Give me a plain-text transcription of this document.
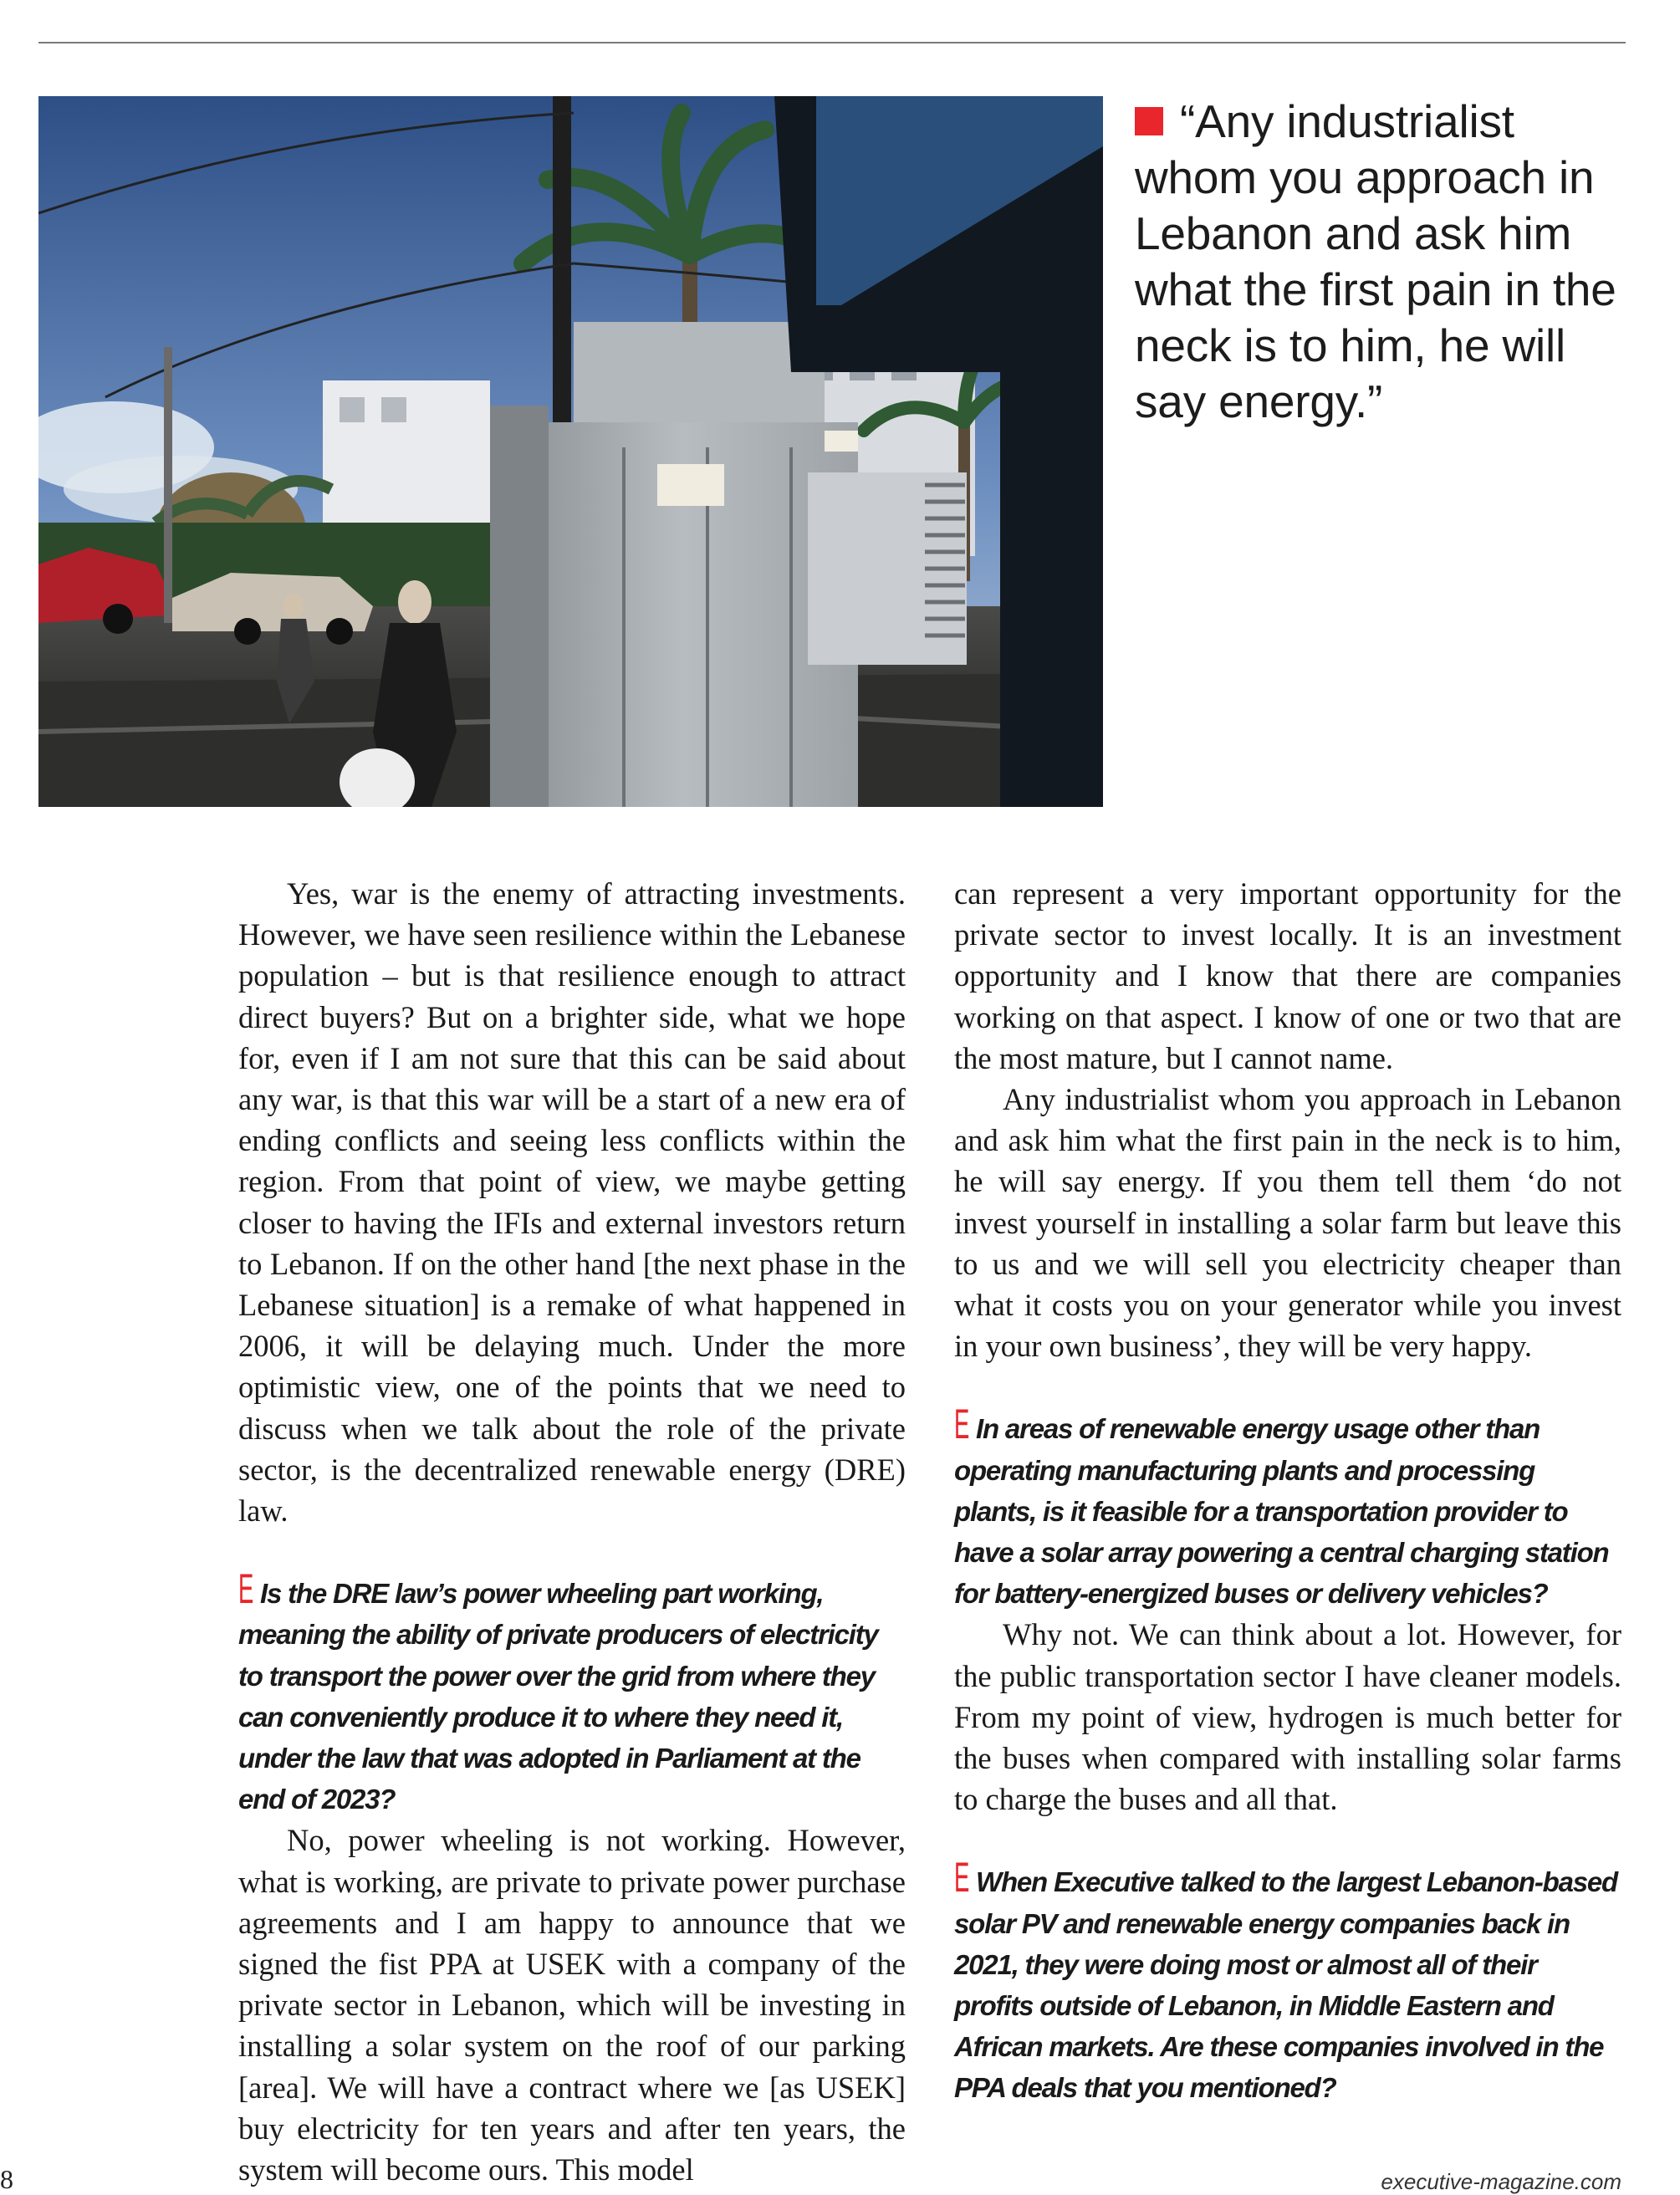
“Any industrialist whom you approach in Lebanon and ask him what the first pain in the neck is to him, he will say energy.”

Yes, war is the enemy of attracting investments. However, we have seen resilience within the Lebanese population – but is that resilience enough to attract direct buyers? But on a brighter side, what we hope for, even if I am not sure that this can be said about any war, is that this war will be a start of a new era of ending conflicts and seeing less conflicts within the region. From that point of view, we maybe getting closer to having the IFIs and external investors return to Lebanon. If on the other hand [the next phase in the Lebanese situation] is a remake of what happened in 2006, it will be delaying much. Under the more optimistic view, one of the points that we need to discuss when we talk about the role of the private sector, is the decentralized renewable energy (DRE) law.

E Is the DRE law’s power wheeling part working, meaning the ability of private producers of electricity to transport the power over the grid from where they can conveniently produce it to where they need it, under the law that was adopted in Parliament at the end of 2023?

No, power wheeling is not working. However, what is working, are private to private power purchase agreements and I am happy to announce that we signed the fist PPA at USEK with a company of the private sector in Lebanon, which will be investing in installing a solar system on the roof of our parking [area]. We will have a contract where we [as USEK] buy electricity for ten years and after ten years, the system will become ours. This model

can represent a very important opportunity for the private sector to invest locally. It is an investment opportunity and I know that there are companies working on that aspect. I know of one or two that are the most mature, but I cannot name.

Any industrialist whom you approach in Lebanon and ask him what the first pain in the neck is to him, he will say energy. If you them tell them ‘do not invest yourself in installing a solar farm but leave this to us and we will sell you electricity cheaper than what it costs you on your generator while you invest in your own business’, they will be very happy.

E In areas of renewable energy usage other than operating manufacturing plants and processing plants, is it feasible for a transportation provider to have a solar array powering a central charging station for battery-energized buses or delivery vehicles?

Why not. We can think about a lot. However, for the public transportation sector I have cleaner models. From my point of view, hydrogen is much better for the buses when compared with installing solar farms to charge the buses and all that.

E When Executive talked to the largest Lebanon-based solar PV and renewable energy companies back in 2021, they were doing most or almost all of their profits outside of Lebanon, in Middle Eastern and African markets. Are these companies involved in the PPA deals that you mentioned?

8	executive-magazine.com
